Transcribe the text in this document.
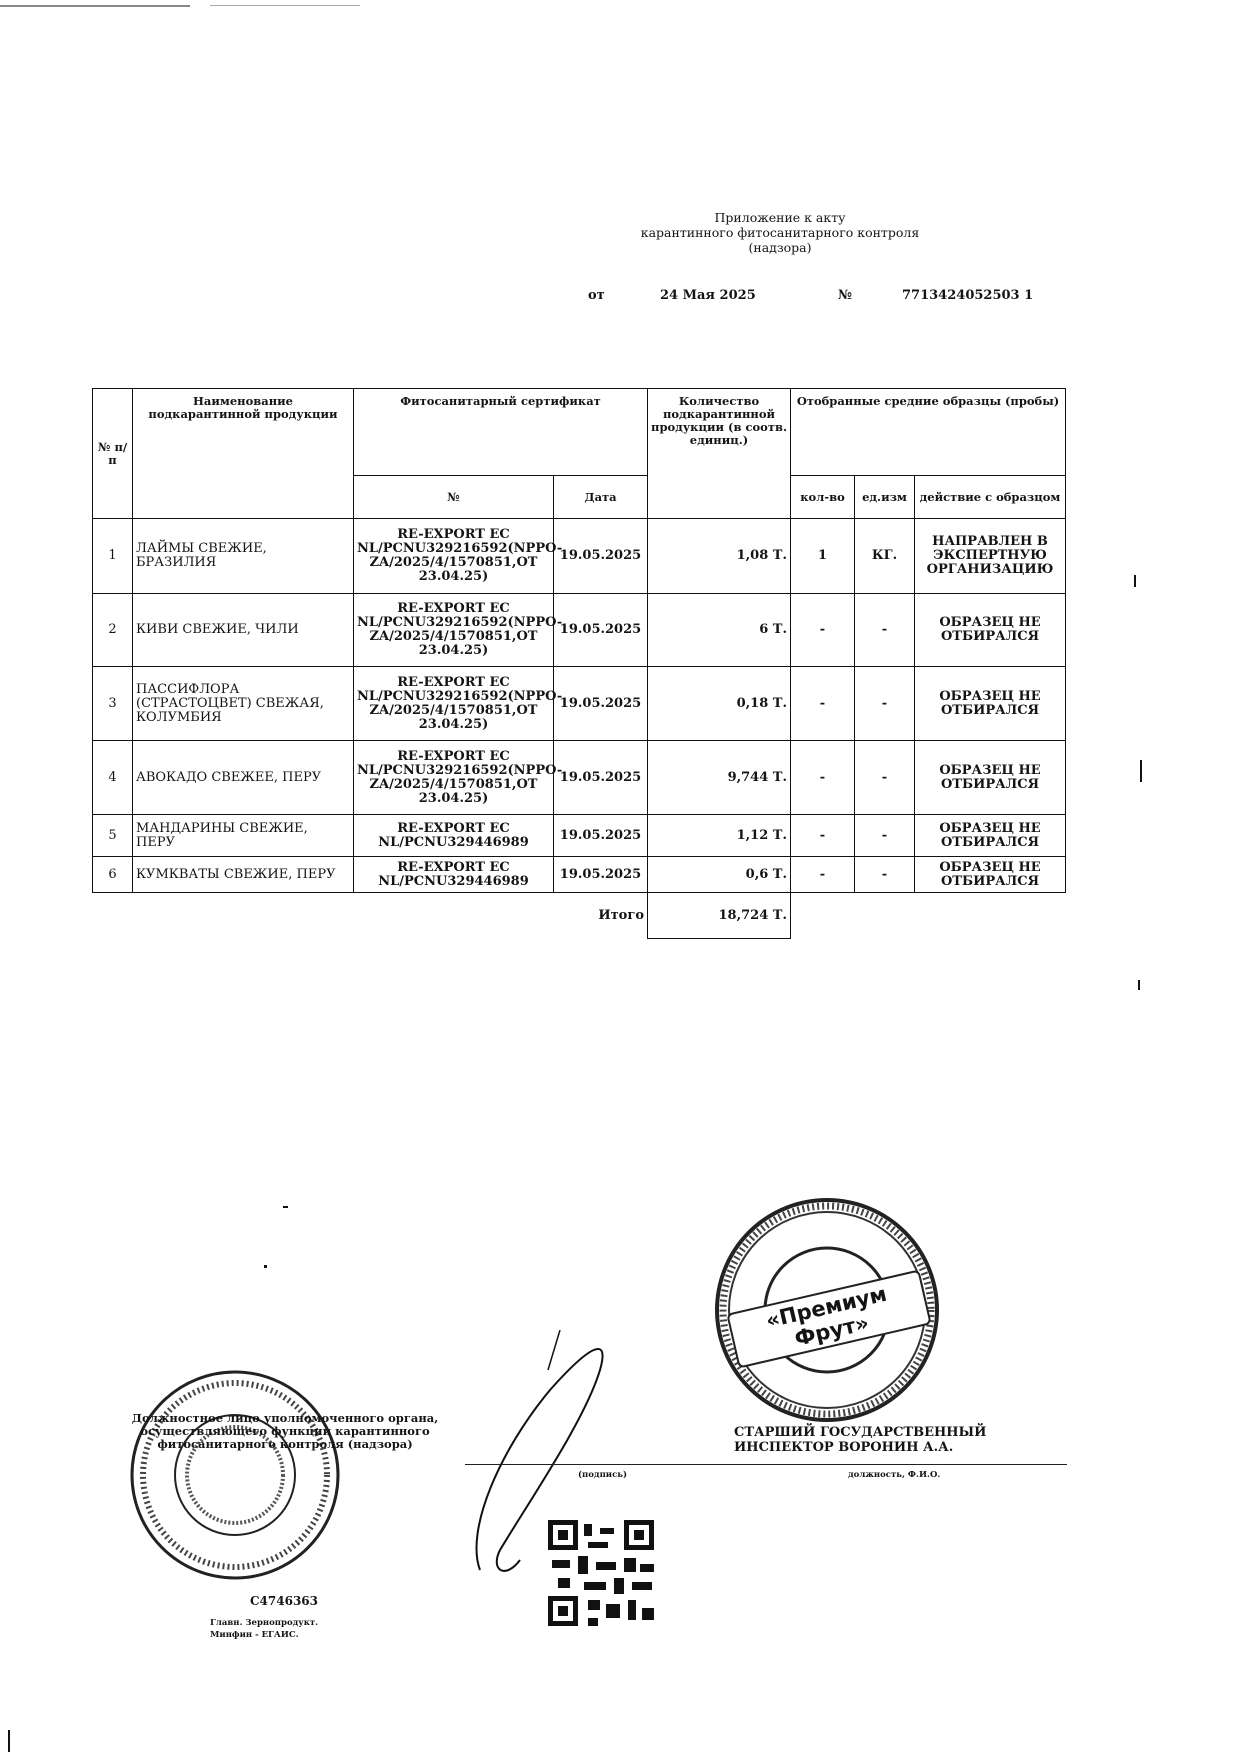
Приложение к акту
карантинного фитосанитарного контроля
(надзора)
от	24 Мая 2025	№	7713424052503 1
№ п/п	Наименование подкарантинной продукции	Фитосанитарный сертификат		Количество подкарантинной продукции (в соотв. единиц.)	Отобранные средние образцы (пробы)		
		№	Дата		кол-во	ед.изм	действие с образцом
1	ЛАЙМЫ СВЕЖИЕ, БРАЗИЛИЯ	RE-EXPORT EC NL/PCNU329216592(NPPO-ZA/2025/4/1570851,OT 23.04.25)	19.05.2025	1,08 Т.	1	КГ.	НАПРАВЛЕН В ЭКСПЕРТНУЮ ОРГАНИЗАЦИЮ
2	КИВИ СВЕЖИЕ, ЧИЛИ	RE-EXPORT EC NL/PCNU329216592(NPPO-ZA/2025/4/1570851,OT 23.04.25)	19.05.2025	6 Т.	-	-	ОБРАЗЕЦ НЕ ОТБИРАЛСЯ
3	ПАССИФЛОРА (СТРАСТОЦВЕТ) СВЕЖАЯ, КОЛУМБИЯ	RE-EXPORT EC NL/PCNU329216592(NPPO-ZA/2025/4/1570851,OT 23.04.25)	19.05.2025	0,18 Т.	-	-	ОБРАЗЕЦ НЕ ОТБИРАЛСЯ
4	АВОКАДО СВЕЖЕЕ, ПЕРУ	RE-EXPORT EC NL/PCNU329216592(NPPO-ZA/2025/4/1570851,OT 23.04.25)	19.05.2025	9,744 Т.	-	-	ОБРАЗЕЦ НЕ ОТБИРАЛСЯ
5	МАНДАРИНЫ СВЕЖИЕ, ПЕРУ	RE-EXPORT EC NL/PCNU329446989	19.05.2025	1,12 Т.	-	-	ОБРАЗЕЦ НЕ ОТБИРАЛСЯ
6	КУМКВАТЫ СВЕЖИЕ, ПЕРУ	RE-EXPORT EC NL/PCNU329446989	19.05.2025	0,6 Т.	-	-	ОБРАЗЕЦ НЕ ОТБИРАЛСЯ
			Итого	18,724 Т.			
«Премиум Фрут»
Должностное лицо уполномоченного органа, осуществляющего функции карантинного фитосанитарного контроля (надзора)
C4746363
Главн. Зернопродукт.
Минфин - ЕГАИС.
(подпись)	должность, Ф.И.О.
СТАРШИЙ ГОСУДАРСТВЕННЫЙ ИНСПЕКТОР ВОРОНИН А.А.
